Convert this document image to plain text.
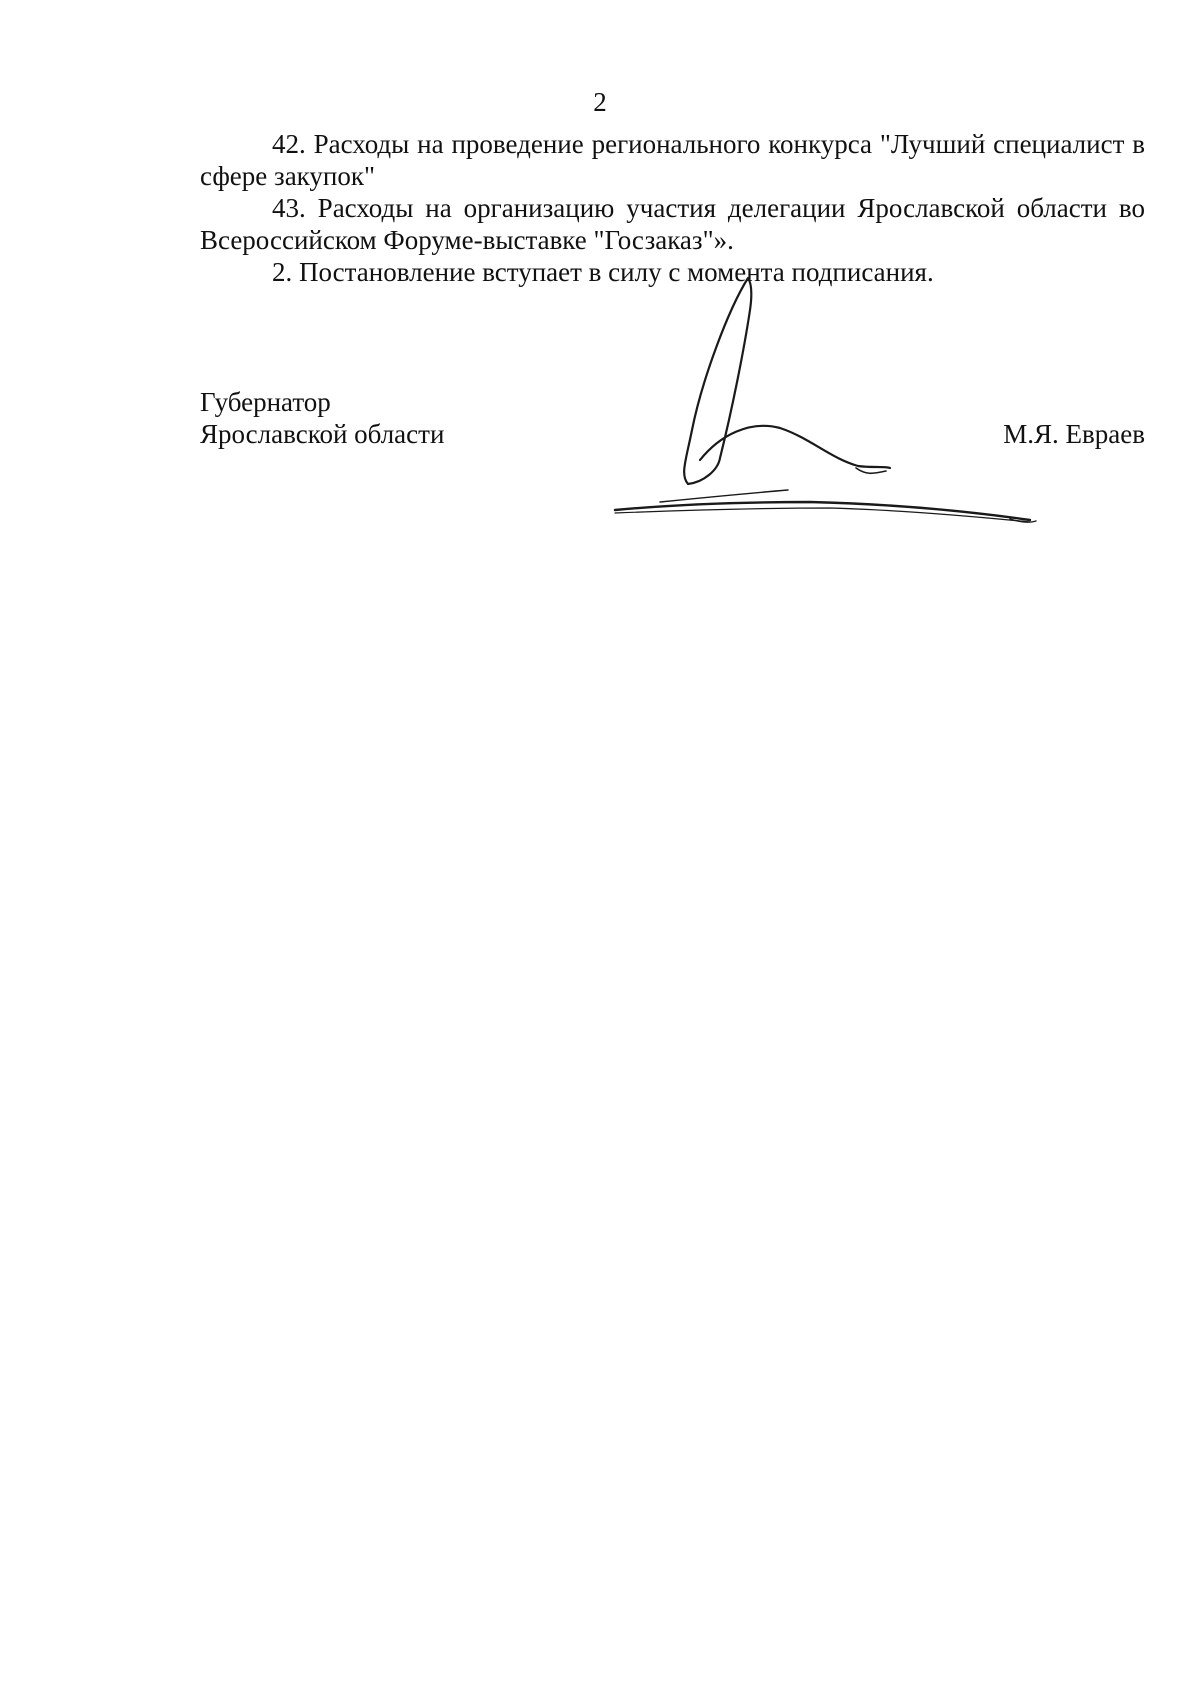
2

42. Расходы на проведение регионального конкурса "Лучший специалист в сфере закупок"

43. Расходы на организацию участия делегации Ярославской области во Всероссийском Форуме-выставке "Госзаказ"».

2. Постановление вступает в силу с момента подписания.

Губернатор
Ярославской области	М.Я. Евраев
